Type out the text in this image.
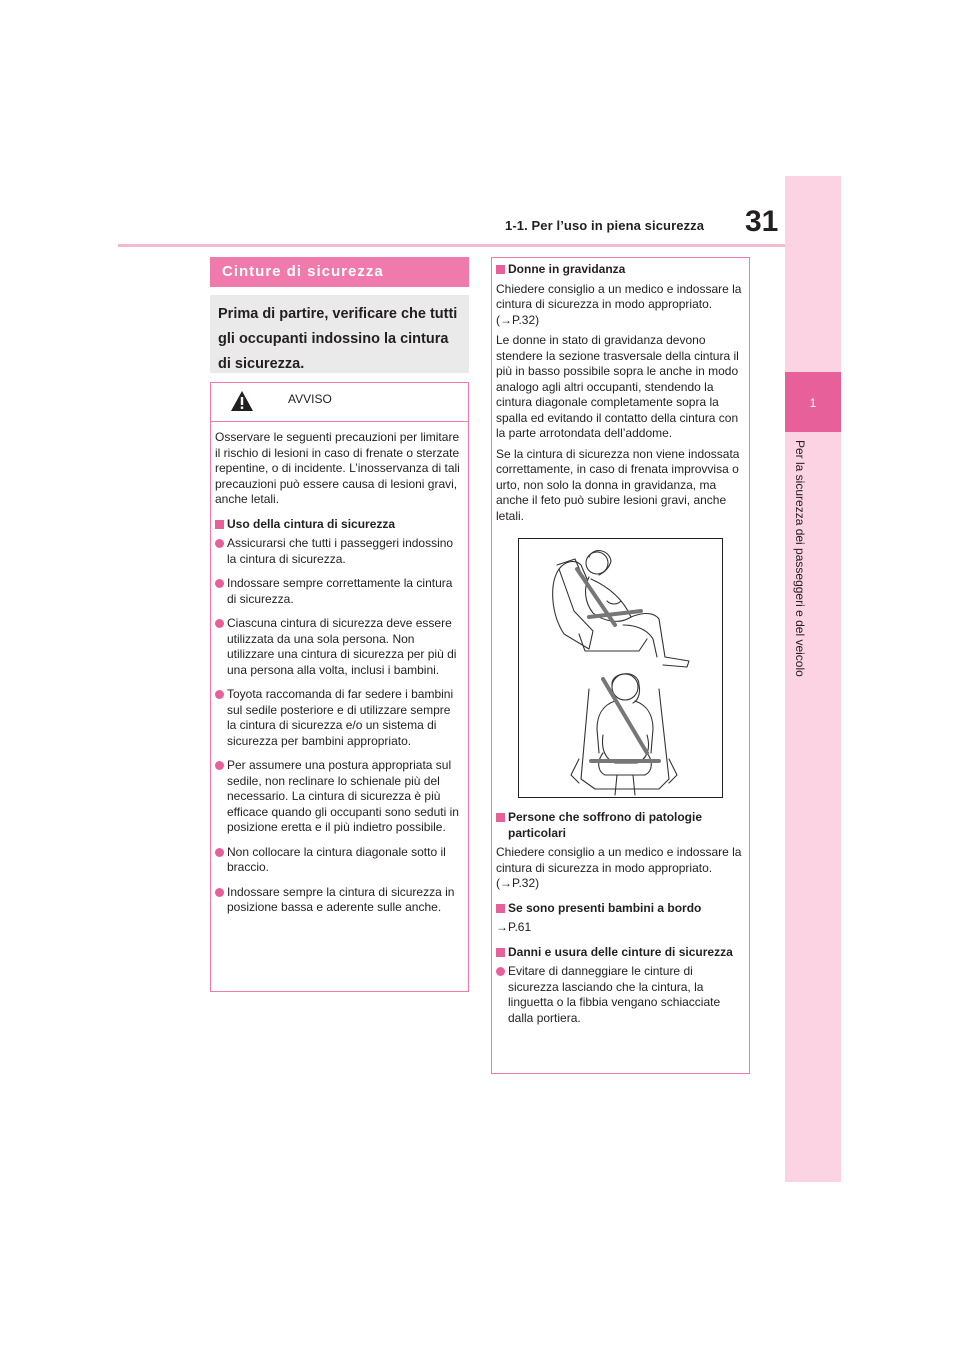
1-1. Per l’uso in piena sicurezza 31
1
Per la sicurezza dei passeggeri e del veicolo
Cinture di sicurezza
Prima di partire, verificare che tutti gli occupanti indossino la cintura di sicurezza.
AVVISO

Osservare le seguenti precauzioni per limitare il rischio di lesioni in caso di frenate o sterzate repentine, o di incidente. L’inosservanza di tali precauzioni può essere causa di lesioni gravi, anche letali.

Uso della cintura di sicurezza
Assicurarsi che tutti i passeggeri indossino la cintura di sicurezza.
Indossare sempre correttamente la cintura di sicurezza.
Ciascuna cintura di sicurezza deve essere utilizzata da una sola persona. Non utilizzare una cintura di sicurezza per più di una persona alla volta, inclusi i bambini.
Toyota raccomanda di far sedere i bambini sul sedile posteriore e di utilizzare sempre la cintura di sicurezza e/o un sistema di sicurezza per bambini appropriato.
Per assumere una postura appropriata sul sedile, non reclinare lo schienale più del necessario. La cintura di sicurezza è più efficace quando gli occupanti sono seduti in posizione eretta e il più indietro possibile.
Non collocare la cintura diagonale sotto il braccio.
Indossare sempre la cintura di sicurezza in posizione bassa e aderente sulle anche.
Donne in gravidanza

Chiedere consiglio a un medico e indossare la cintura di sicurezza in modo appropriato. (→P.32)

Le donne in stato di gravidanza devono stendere la sezione trasversale della cintura il più in basso possibile sopra le anche in modo analogo agli altri occupanti, stendendo la cintura diagonale completamente sopra la spalla ed evitando il contatto della cintura con la parte arrotondata dell’addome.

Se la cintura di sicurezza non viene indossata correttamente, in caso di frenata improvvisa o urto, non solo la donna in gravidanza, ma anche il feto può subire lesioni gravi, anche letali.

Persone che soffrono di patologie particolari

Chiedere consiglio a un medico e indossare la cintura di sicurezza in modo appropriato. (→P.32)

Se sono presenti bambini a bordo

→P.61

Danni e usura delle cinture di sicurezza
Evitare di danneggiare le cinture di sicurezza lasciando che la cintura, la linguetta o la fibbia vengano schiacciate dalla portiera.
